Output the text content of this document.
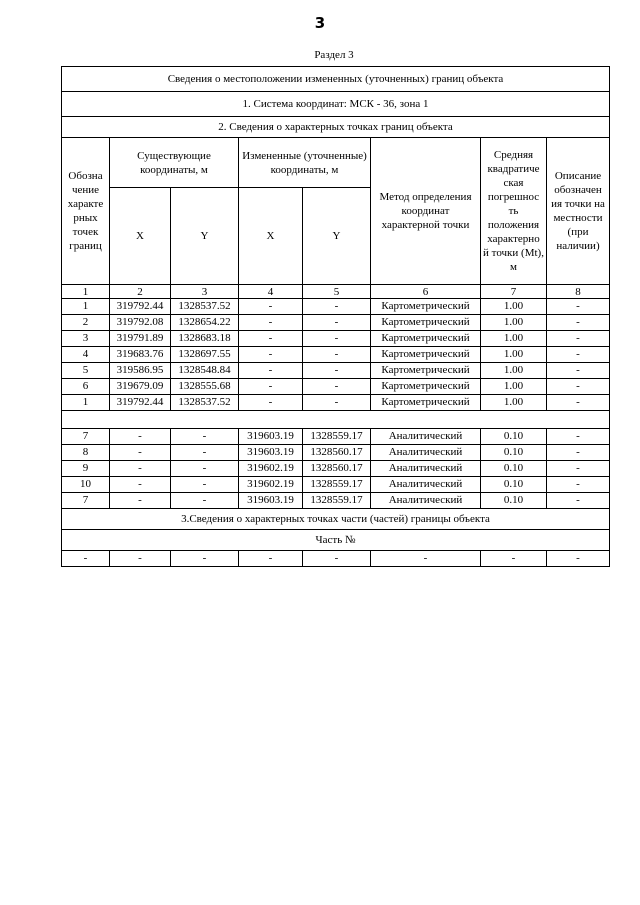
3
Раздел 3
Сведения о местоположении измененных (уточненных) границ объекта							
1. Система координат: МСК - 36, зона 1							
2. Сведения о характерных точках границ объекта							
Обозна чение характе рных точек границ	Существующие координаты, м		Измененные (уточненные) координаты, м		Метод определения координат характерной точки	Средняя квадратиче ская погрешнос ть положения характерно й точки (Mt), м	Описание обозначен ия точки на местности (при наличии)
	X	Y	X	Y			
1	2	3	4	5	6	7	8
1	319792.44	1328537.52	-	-	Картометрический	1.00	-
2	319792.08	1328654.22	-	-	Картометрический	1.00	-
3	319791.89	1328683.18	-	-	Картометрический	1.00	-
4	319683.76	1328697.55	-	-	Картометрический	1.00	-
5	319586.95	1328548.84	-	-	Картометрический	1.00	-
6	319679.09	1328555.68	-	-	Картометрический	1.00	-
1	319792.44	1328537.52	-	-	Картометрический	1.00	-

7	-	-	319603.19	1328559.17	Аналитический	0.10	-
8	-	-	319603.19	1328560.17	Аналитический	0.10	-
9	-	-	319602.19	1328560.17	Аналитический	0.10	-
10	-	-	319602.19	1328559.17	Аналитический	0.10	-
7	-	-	319603.19	1328559.17	Аналитический	0.10	-
3.Сведения о характерных точках части (частей) границы объекта							
Часть №							
-	-	-	-	-	-	-	-
